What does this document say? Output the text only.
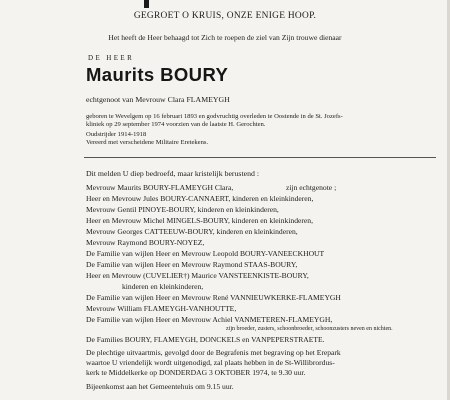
GEGROET O KRUIS, ONZE ENIGE HOOP.
Het heeft de Heer behaagd tot Zich te roepen de ziel van Zijn trouwe dienaar
DE HEER
Maurits BOURY
echtgenoot van Mevrouw Clara FLAMEYGH
geboren te Wevelgem op 16 februari 1893 en godvruchtig overleden te Oostende in de St. Jozefs-
kliniek op 29 september 1974 voorzien van de laatste H. Gerochten.
Oudstrijder 1914-1918
Vereerd met verscheidene Militaire Eretekens.
Dit melden U diep bedroefd, maar kristelijk berustend :
Mevrouw Maurits BOURY-FLAMEYGH Clara,	zijn echtgenote ;
Heer en Mevrouw Jules BOURY-CANNAERT, kinderen en kleinkinderen,
Mevrouw Gentil PINOYE-BOURY, kinderen en kleinkinderen,
Heer en Mevrouw Michel MINGELS-BOURY, kinderen en kleinkinderen,
Mevrouw Georges CATTEEUW-BOURY, kinderen en kleinkinderen,
Mevrouw Raymond BOURY-NOYEZ,
De Familie van wijlen Heer en Mevrouw Leopold BOURY-VANEECKHOUT
De Familie van wijlen Heer en Mevrouw Raymond STAAS-BOURY,
Heer en Mevrouw (CUVELIER†) Maurice VANSTEENKISTE-BOURY,
kinderen en kleinkinderen,
De Familie van wijlen Heer en Mevrouw René VANNIEUWKERKE-FLAMEYGH
Mevrouw William FLAMEYGH-VANHOUTTE,
De Familie van wijlen Heer en Mevrouw Achiel VANMETEREN-FLAMEYGH,
zijn broeder, zusters, schoonbroeder, schoonzusters neven en nichten.
De Families BOURY, FLAMEYGH, DONCKELS en VANPEPERSTRAETE.
De plechtige uitvaartmis, gevolgd door de Begrafenis met begraving op het Erepark
waartoe U vriendelijk wordt uitgenodigd, zal plaats hebben in de St-Willibrordus-
kerk te Middelkerke op DONDERDAG 3 OKTOBER 1974, te 9.30 uur.
Bijeenkomst aan het Gemeentehuis om 9.15 uur.
